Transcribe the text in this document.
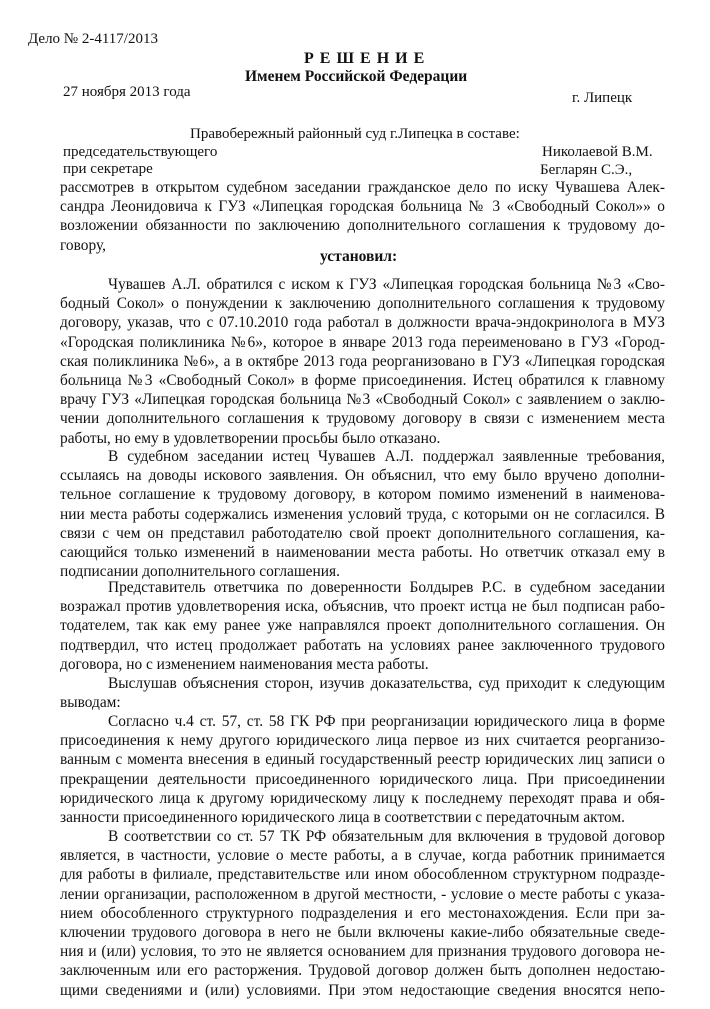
Дело № 2-4117/2013
Р Е Ш Е Н И Е
Именем Российской Федерации
27 ноября 2013 года	г. Липецк
Правобережный районный суд г.Липецка в составе:
председательствующего	Николаевой В.М.
при секретаре	Бегларян С.Э.,
рассмотрев в открытом судебном заседании гражданское дело по иску Чувашева Алек-
сандра Леонидовича к ГУЗ «Липецкая городская больница № 3 «Свободный Сокол»» о
возложении обязанности по заключению дополнительного соглашения к трудовому до-
говору,
установил:
Чувашев А.Л. обратился с иском к ГУЗ «Липецкая городская больница №3 «Сво-
бодный Сокол» о понуждении к заключению дополнительного соглашения к трудовому
договору, указав, что с 07.10.2010 года работал в должности врача-эндокринолога в МУЗ
«Городская поликлиника №6», которое в январе 2013 года переименовано в ГУЗ «Город-
ская поликлиника №6», а в октябре 2013 года реорганизовано в ГУЗ «Липецкая городская
больница №3 «Свободный Сокол» в форме присоединения. Истец обратился к главному
врачу ГУЗ «Липецкая городская больница №3 «Свободный Сокол» с заявлением о заклю-
чении дополнительного соглашения к трудовому договору в связи с изменением места
работы, но ему в удовлетворении просьбы было отказано.
В судебном заседании истец Чувашев А.Л. поддержал заявленные требования,
ссылаясь на доводы искового заявления. Он объяснил, что ему было вручено дополни-
тельное соглашение к трудовому договору, в котором помимо изменений в наименова-
нии места работы содержались изменения условий труда, с которыми он не согласился. В
связи с чем он представил работодателю свой проект дополнительного соглашения, ка-
сающийся только изменений в наименовании места работы. Но ответчик отказал ему в
подписании дополнительного соглашения.
Представитель ответчика по доверенности Болдырев Р.С. в судебном заседании
возражал против удовлетворения иска, объяснив, что проект истца не был подписан рабо-
тодателем, так как ему ранее уже направлялся проект дополнительного соглашения. Он
подтвердил, что истец продолжает работать на условиях ранее заключенного трудового
договора, но с изменением наименования места работы.
Выслушав объяснения сторон, изучив доказательства, суд приходит к следующим
выводам:
Согласно ч.4 ст. 57, ст. 58 ГК РФ при реорганизации юридического лица в форме
присоединения к нему другого юридического лица первое из них считается реорганизо-
ванным с момента внесения в единый государственный реестр юридических лиц записи о
прекращении деятельности присоединенного юридического лица. При присоединении
юридического лица к другому юридическому лицу к последнему переходят права и обя-
занности присоединенного юридического лица в соответствии с передаточным актом.
В соответствии со ст. 57 ТК РФ обязательным для включения в трудовой договор
является, в частности, условие о месте работы, а в случае, когда работник принимается
для работы в филиале, представительстве или ином обособленном структурном подразде-
лении организации, расположенном в другой местности, - условие о месте работы с указа-
нием обособленного структурного подразделения и его местонахождения. Если при за-
ключении трудового договора в него не были включены какие-либо обязательные сведе-
ния и (или) условия, то это не является основанием для признания трудового договора не-
заключенным или его расторжения. Трудовой договор должен быть дополнен недостаю-
щими сведениями и (или) условиями. При этом недостающие сведения вносятся непо-
